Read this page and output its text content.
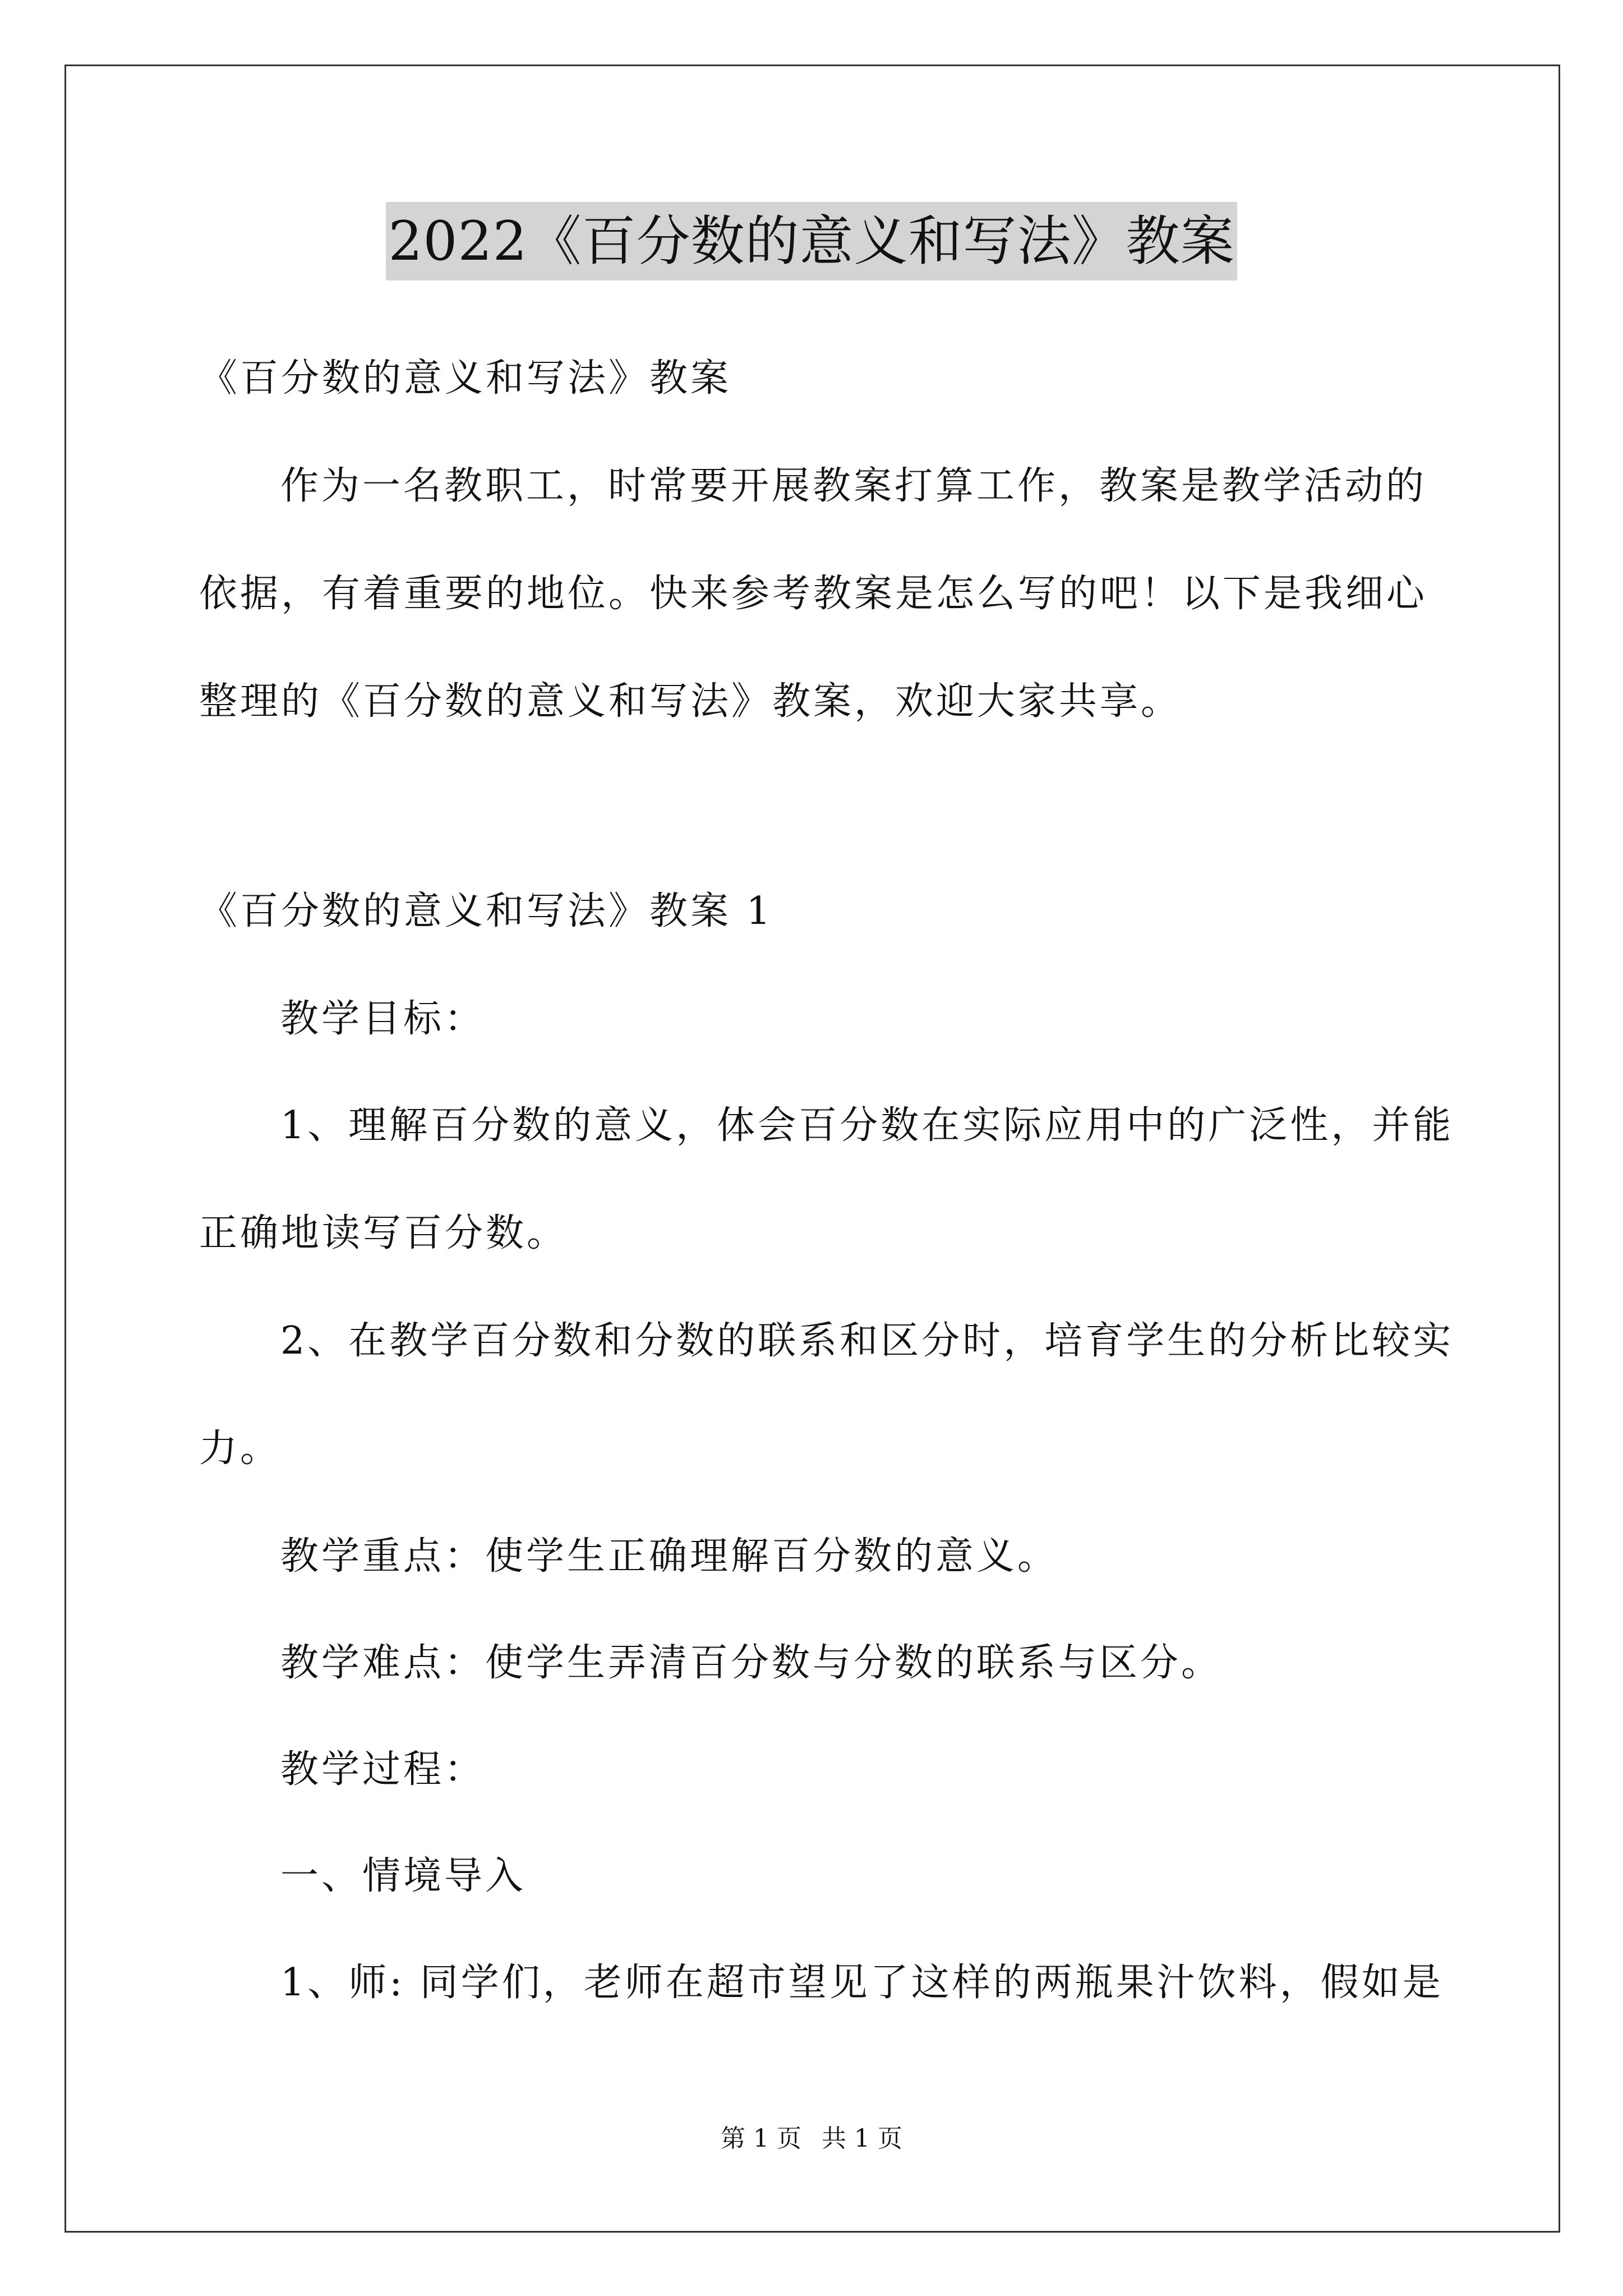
2022《百分数的意义和写法》教案
《百分数的意义和写法》教案
作为一名教职工，时常要开展教案打算工作，教案是教学活动的
依据，有着重要的地位。快来参考教案是怎么写的吧！以下是我细心
整理的《百分数的意义和写法》教案，欢迎大家共享。
《百分数的意义和写法》教案 1
教学目标：
1、理解百分数的意义，体会百分数在实际应用中的广泛性，并能
正确地读写百分数。
2、在教学百分数和分数的联系和区分时，培育学生的分析比较实
力。
教学重点：使学生正确理解百分数的意义。
教学难点：使学生弄清百分数与分数的联系与区分。
教学过程：
一、情境导入
1、师: 同学们，老师在超市望见了这样的两瓶果汁饮料，假如是
第 1 页 共 1 页
